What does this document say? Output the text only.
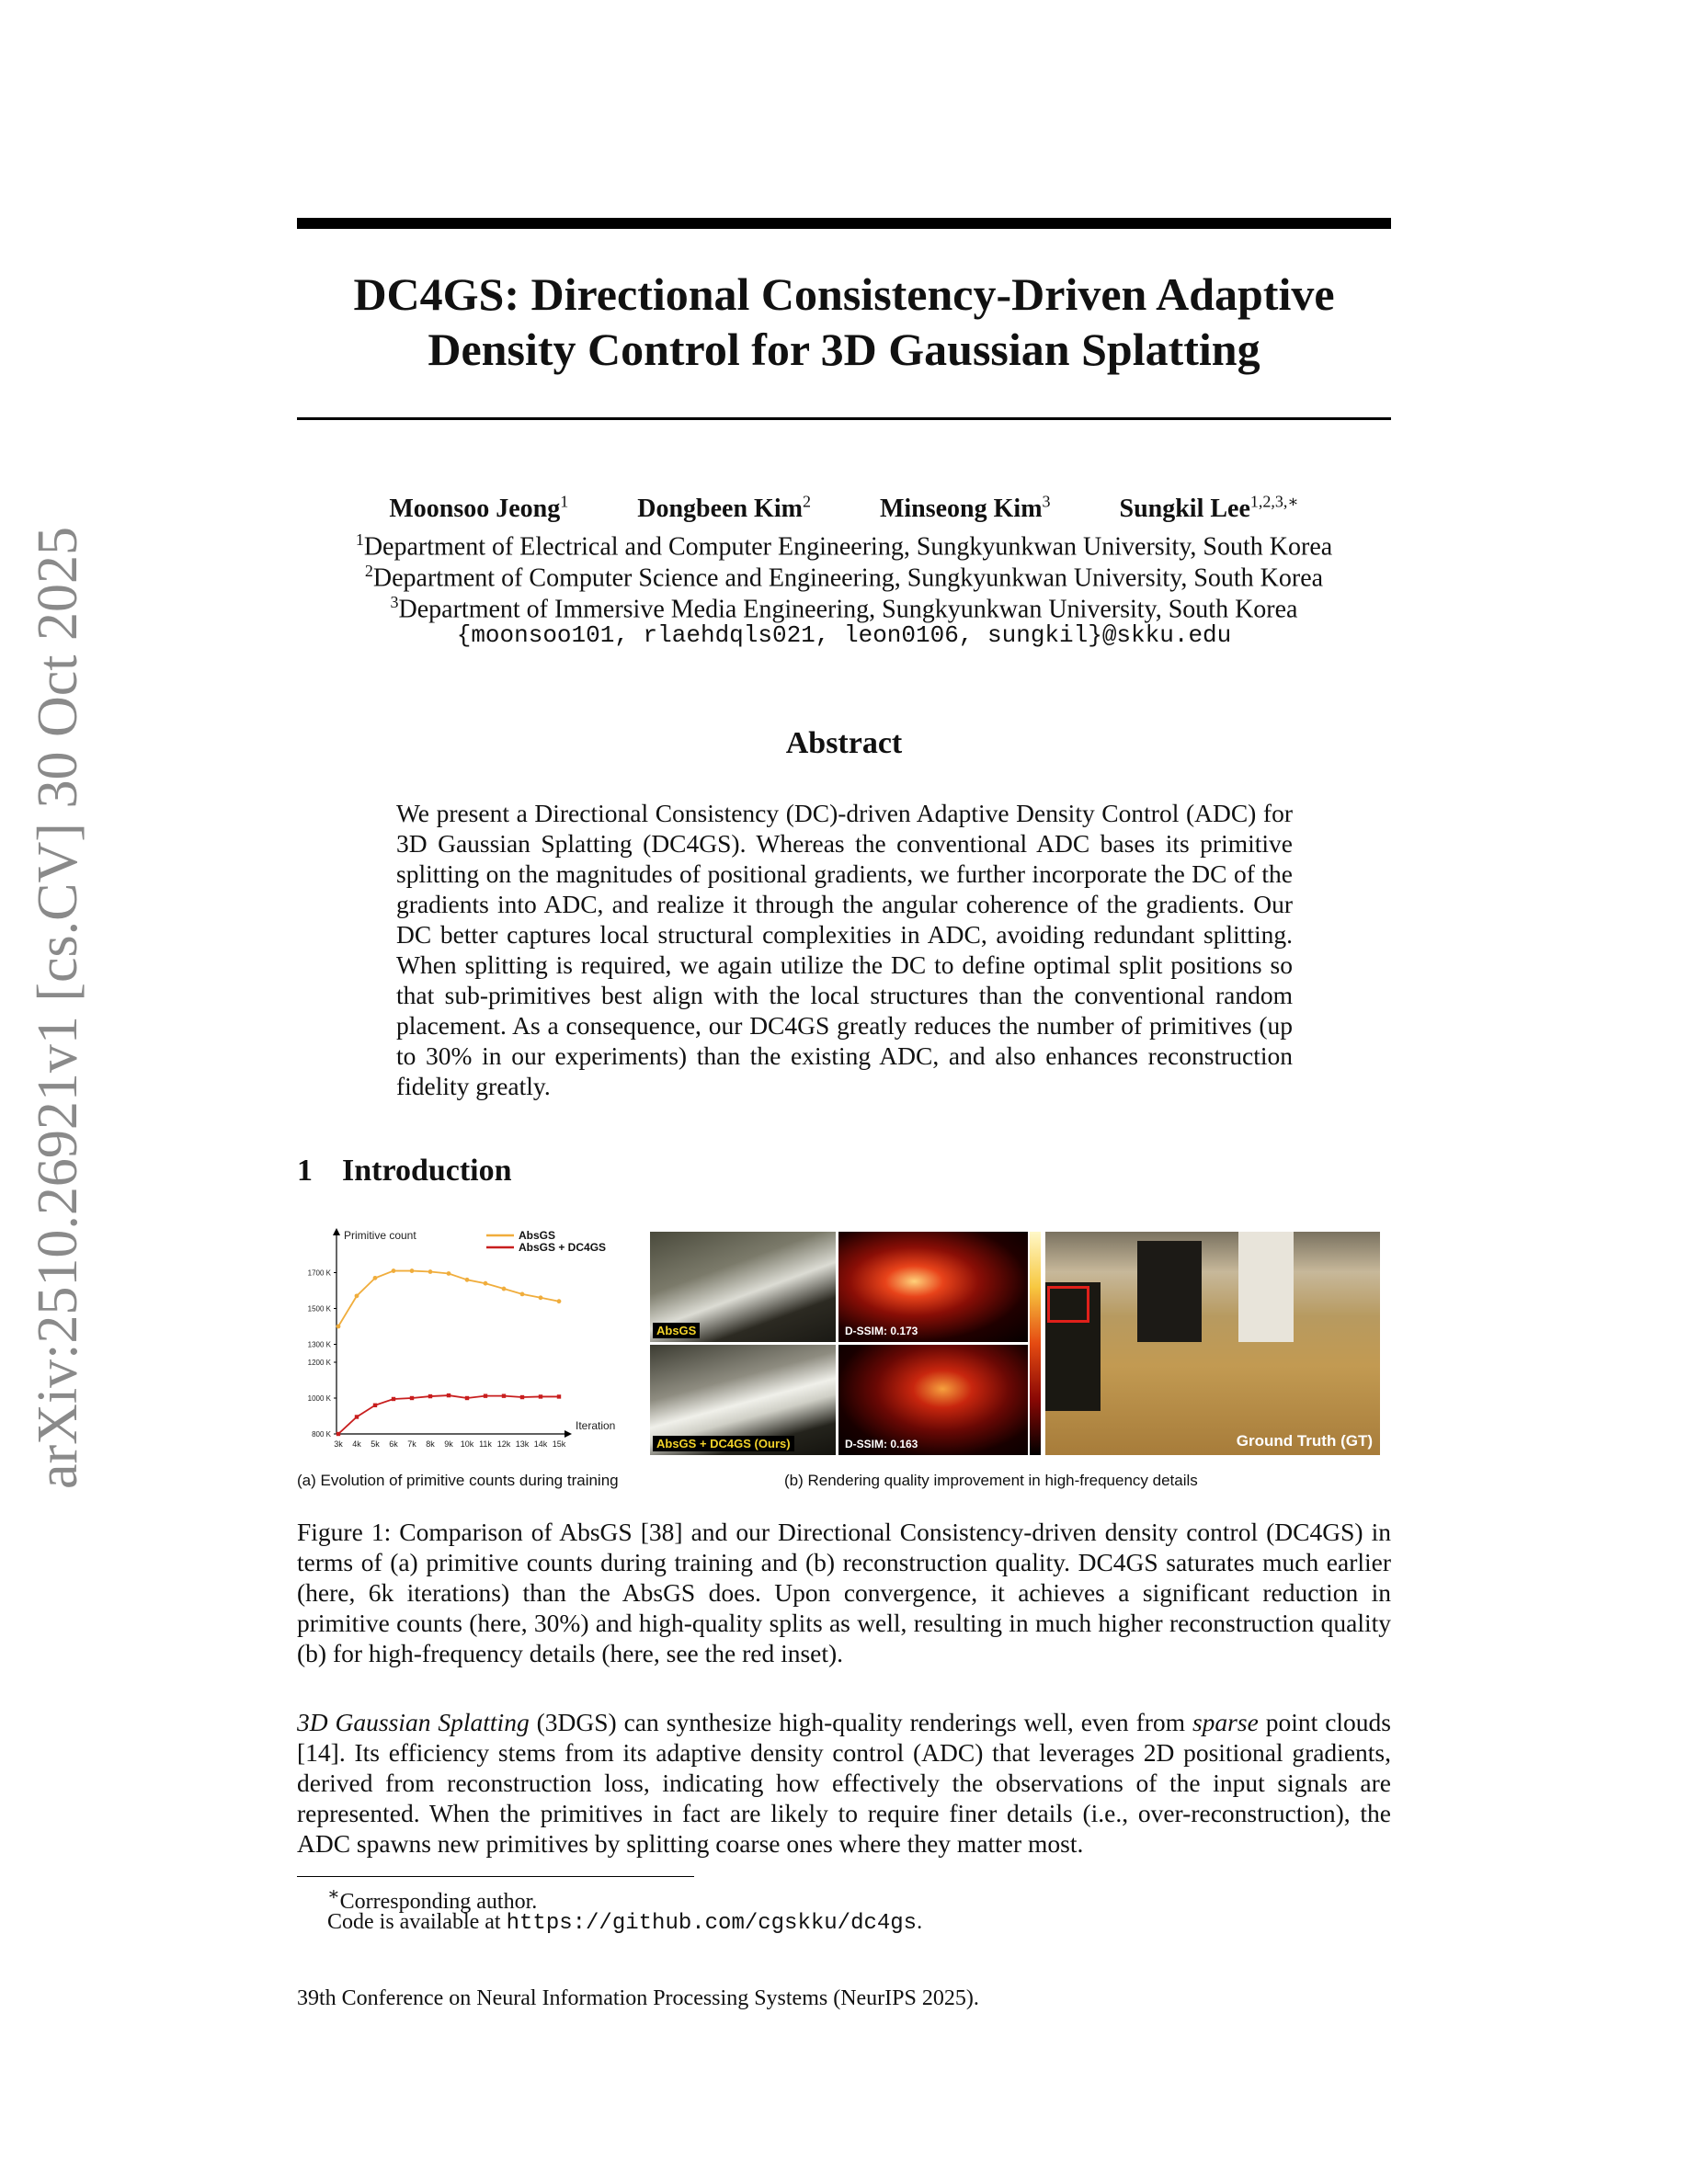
arXiv:2510.26921v1 [cs.CV] 30 Oct 2025
DC4GS: Directional Consistency-Driven Adaptive
Density Control for 3D Gaussian Splatting
Moonsoo Jeong$^1$	Dongbeen Kim$^2$	Minseong Kim$^3$	Sungkil Lee$^{1,2,3,∗}$
$^1$Department of Electrical and Computer Engineering, Sungkyunkwan University, South Korea
$^2$Department of Computer Science and Engineering, Sungkyunkwan University, South Korea
$^3$Department of Immersive Media Engineering, Sungkyunkwan University, South Korea
{moonsoo101, rlaehdqls021, leon0106, sungkil}@skku.edu
Abstract
We present a Directional Consistency (DC)-driven Adaptive Density Control (ADC) for 3D Gaussian Splatting (DC4GS). Whereas the conventional ADC bases its primitive splitting on the magnitudes of positional gradients, we further incorporate the DC of the gradients into ADC, and realize it through the angular coherence of the gradients. Our DC better captures local structural complexities in ADC, avoiding redundant splitting. When splitting is required, we again utilize the DC to define optimal split positions so that sub-primitives best align with the local structures than the conventional random placement. As a consequence, our DC4GS greatly reduces the number of primitives (up to 30% in our experiments) than the existing ADC, and also enhances reconstruction fidelity greatly.
1 Introduction
Primitive count
Iteration
800 K
1000 K
1200 K
1300 K
1500 K
1700 K
3k 4k 5k 6k 7k 8k 9k 10k 11k 12k 13k 14k 15k
AbsGS
AbsGS + DC4GS
AbsGS
AbsGS + DC4GS (Ours)
D-SSIM: 0.173
D-SSIM: 0.163	Ground Truth (GT)
(a) Evolution of primitive counts during training	(b) Rendering quality improvement in high-frequency details
Figure 1: Comparison of AbsGS [38] and our Directional Consistency-driven density control (DC4GS) in terms of (a) primitive counts during training and (b) reconstruction quality. DC4GS saturates much earlier (here, 6k iterations) than the AbsGS does. Upon convergence, it achieves a significant reduction in primitive counts (here, 30%) and high-quality splits as well, resulting in much higher reconstruction quality (b) for high-frequency details (here, see the red inset).
3D Gaussian Splatting (3DGS) can synthesize high-quality renderings well, even from sparse point clouds [14]. Its efficiency stems from its adaptive density control (ADC) that leverages 2D positional gradients, derived from reconstruction loss, indicating how effectively the observations of the input signals are represented. When the primitives in fact are likely to require finer details (i.e., over-reconstruction), the ADC spawns new primitives by splitting coarse ones where they matter most.
∗Corresponding author.
Code is available at https://github.com/cgskku/dc4gs.
39th Conference on Neural Information Processing Systems (NeurIPS 2025).
